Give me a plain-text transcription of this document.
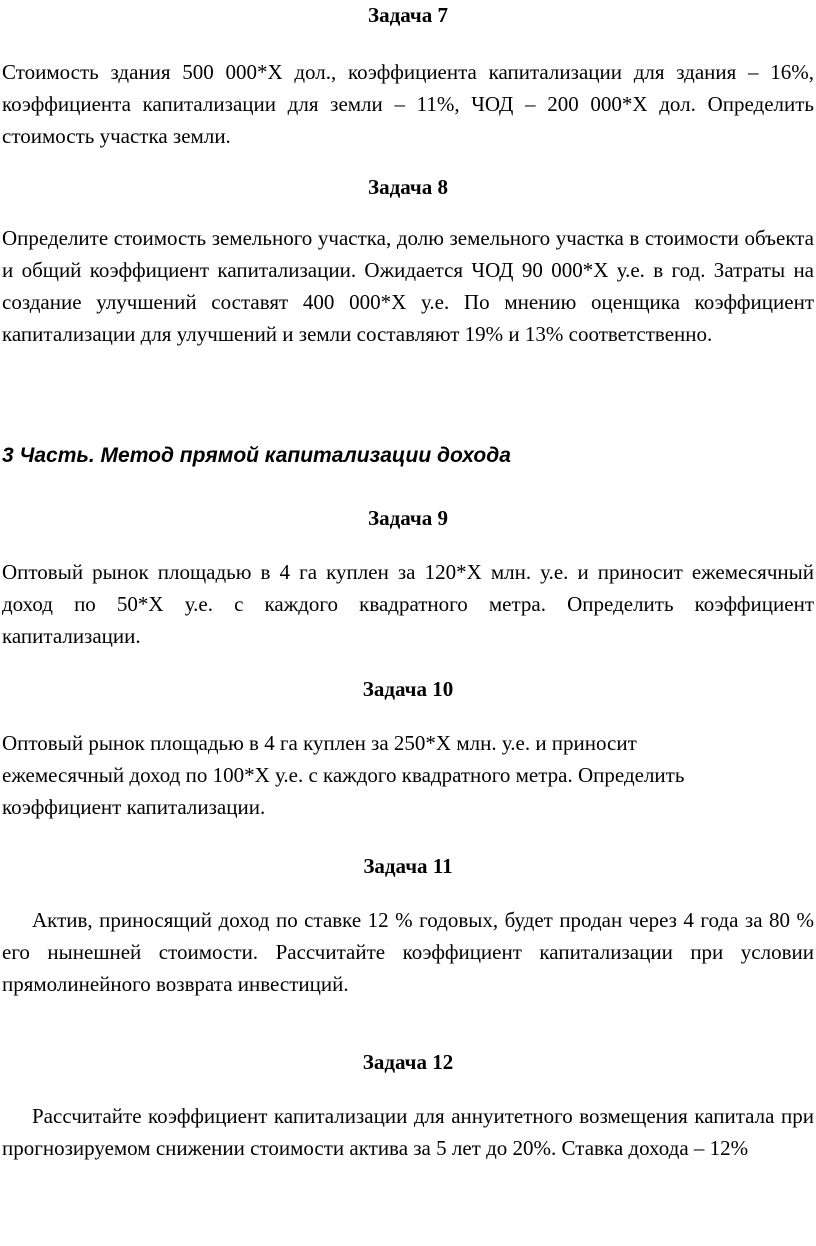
Задача 7

Стоимость здания 500 000*Х дол., коэффициента капитализации для здания – 16%, коэффициента капитализации для земли – 11%, ЧОД – 200 000*Х дол. Определить стоимость участка земли.

Задача 8

Определите стоимость земельного участка, долю земельного участка в стоимости объекта и общий коэффициент капитализации. Ожидается ЧОД 90 000*Х у.е. в год. Затраты на создание улучшений составят 400 000*Х у.е. По мнению оценщика коэффициент капитализации для улучшений и земли составляют 19% и 13% соответственно.

3 Часть. Метод прямой капитализации дохода
Задача 9

Оптовый рынок площадью в 4 га куплен за 120*Х млн. у.е. и приносит ежемесячный доход по 50*Х у.е. с каждого квадратного метра. Определить коэффициент капитализации.

Задача 10
Оптовый рынок площадью в 4 га куплен за 250*Х млн. у.е. и приносит
ежемесячный доход по 100*Х у.е. с каждого квадратного метра. Определить
коэффициент капитализации.
Задача 11

Актив, приносящий доход по ставке 12 % годовых, будет продан через 4 года за 80 % его нынешней стоимости. Рассчитайте коэффициент капитализации при условии прямолинейного возврата инвестиций.

Задача 12

Рассчитайте коэффициент капитализации для аннуитетного возмещения капитала при прогнозируемом снижении стоимости актива за 5 лет до 20%. Ставка дохода – 12%
